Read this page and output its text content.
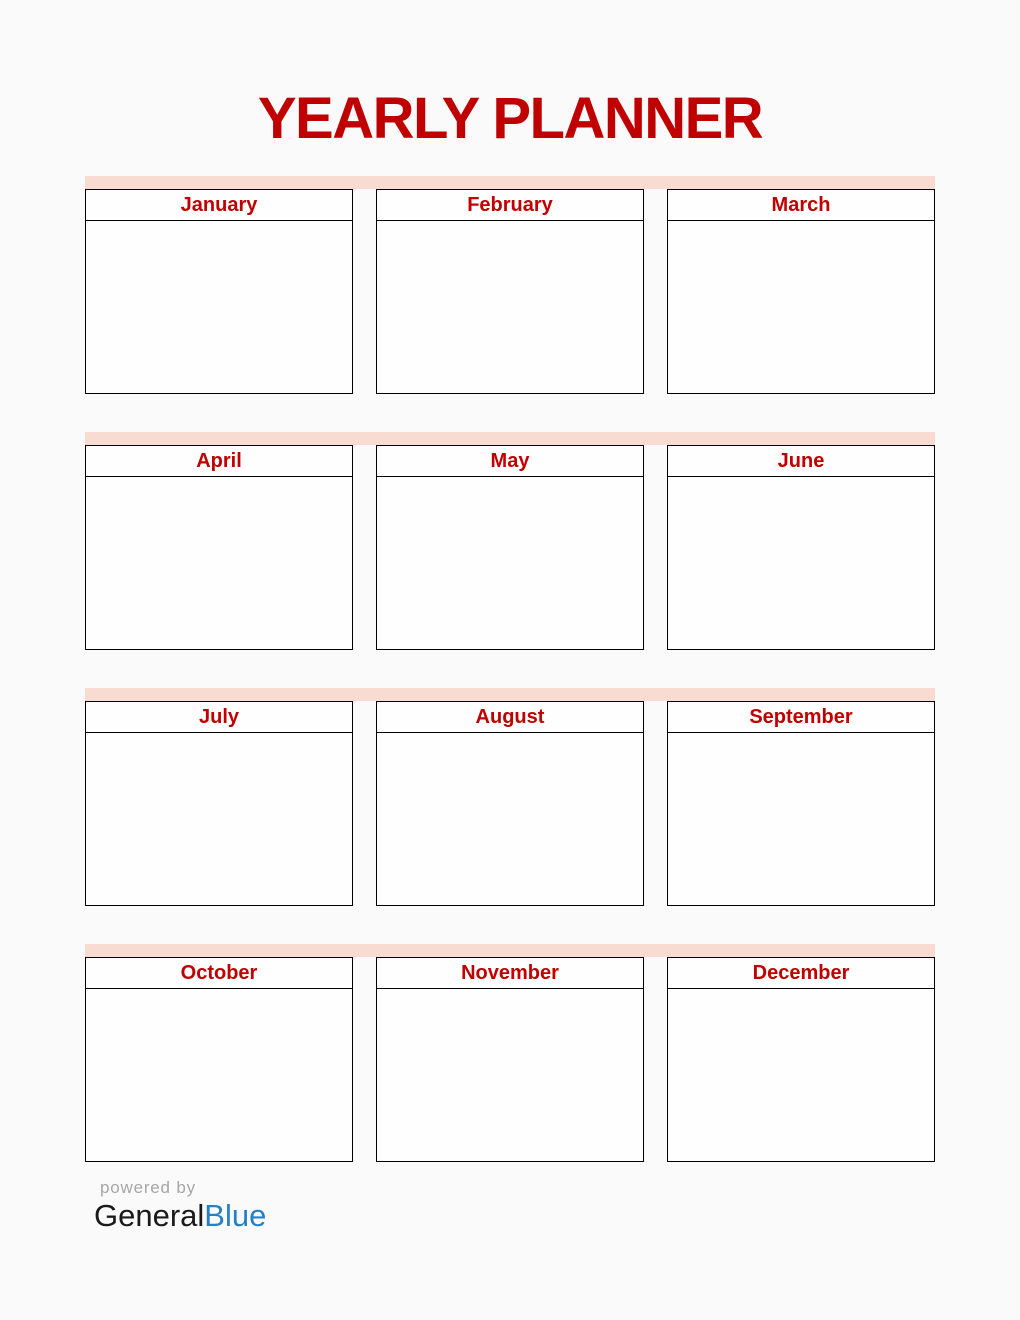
YEARLY PLANNER
January	February	March
April	May	June
July	August	September
October	November	December
powered by
GeneralBlue
